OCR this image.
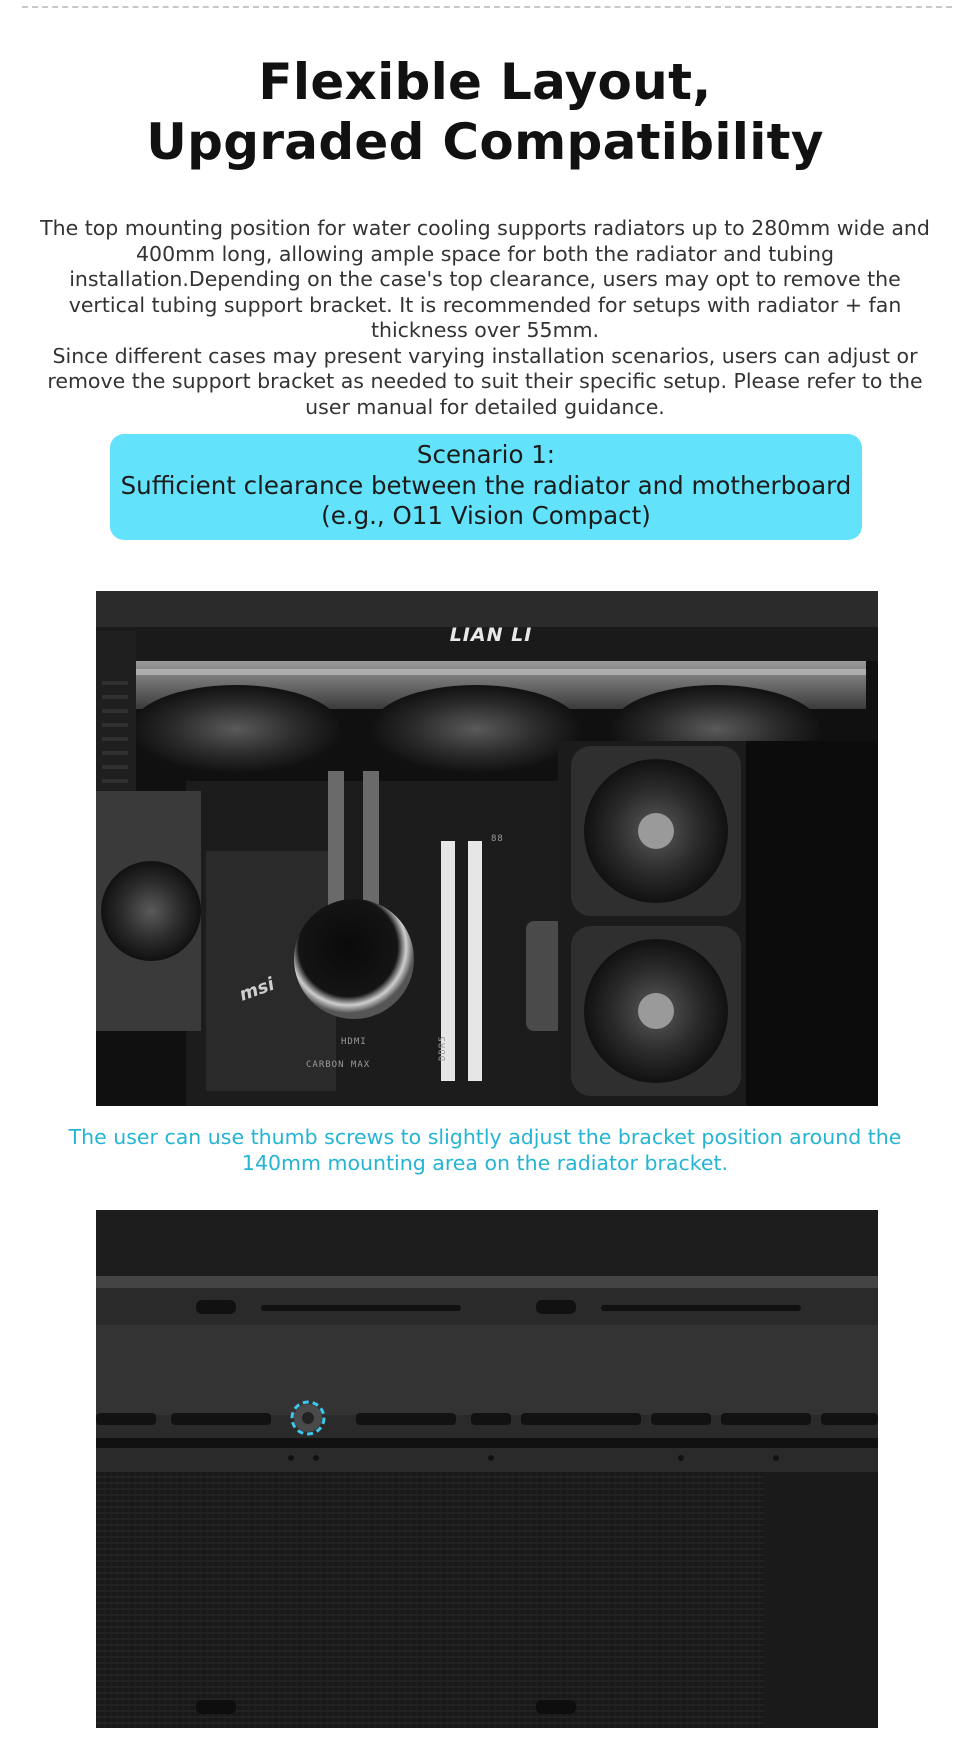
Flexible Layout,
Upgraded Compatibility

The top mounting position for water cooling supports radiators up to 280mm wide and 400mm long, allowing ample space for both the radiator and tubing installation.Depending on the case's top clearance, users may opt to remove the vertical tubing support bracket. It is recommended for setups with radiator + fan thickness over 55mm.

Since different cases may present varying installation scenarios, users can adjust or remove the support bracket as needed to suit their specific setup. Please refer to the user manual for detailed guidance.

Scenario 1:
Sufficient clearance between the radiator and motherboard
(e.g., O11 Vision Compact)
LIAN LI
msi
HDMI
CARBON MAX
DDR5
88
The user can use thumb screws to slightly adjust the bracket position around the 140mm mounting area on the radiator bracket.
